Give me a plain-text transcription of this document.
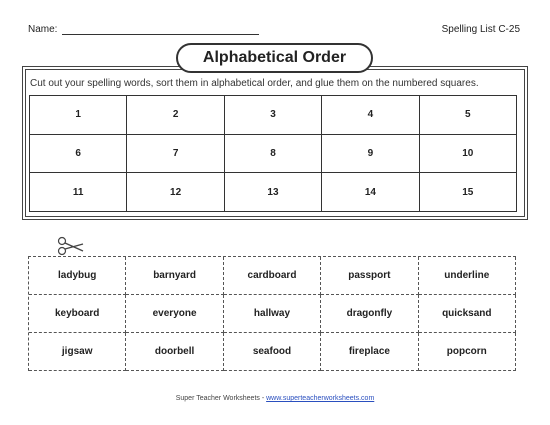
Name:	Spelling List C-25
Alphabetical Order
Cut out your spelling words, sort them in alphabetical order, and glue them on the numbered squares.
1	2	3	4	5
6	7	8	9	10
11	12	13	14	15
ladybug	barnyard	cardboard	passport	underline
keyboard	everyone	hallway	dragonfly	quicksand
jigsaw	doorbell	seafood	fireplace	popcorn
Super Teacher Worksheets - www.superteacherworksheets.com
